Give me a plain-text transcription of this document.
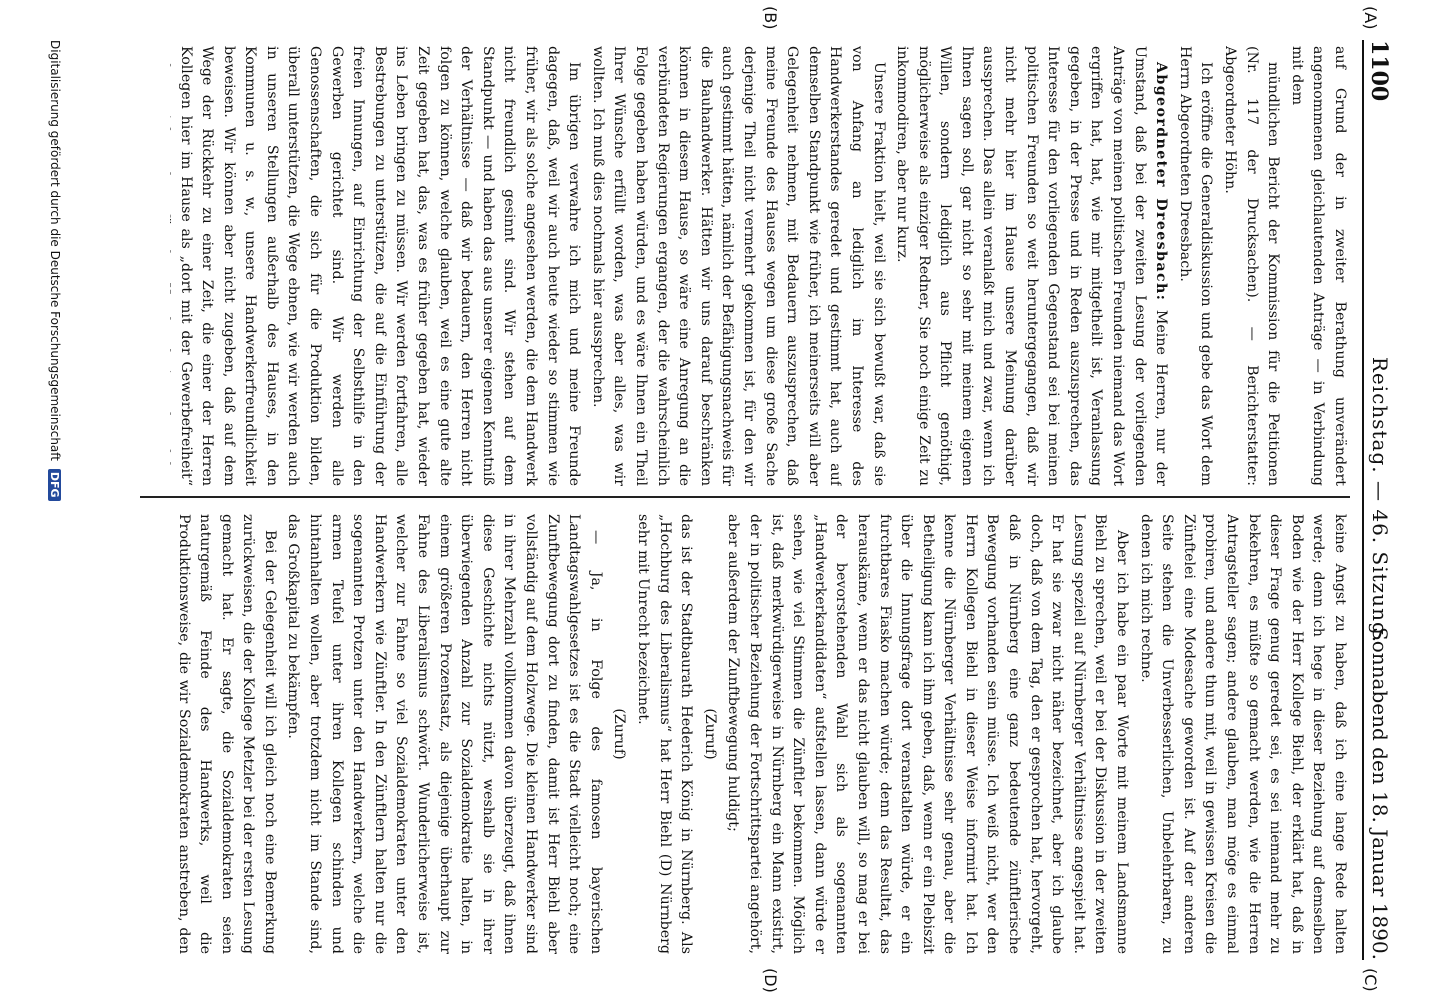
1100
Reichstag. — 46. Sitzung.
Sonnabend den 18. Januar 1890.
(A)
(B)
(C)
(D)

auf Grund der in zweiter Berathung unverändert angenommenen gleichlautenden Anträge — in Verbindung mit dem

mündlichen Bericht der Kommission für die Petitionen (Nr. 117 der Drucksachen). — Berichterstatter: Abgeordneter Höhn.

Ich eröffne die Generaldiskussion und gebe das Wort dem Herrn Abgeordneten Dreesbach.

Abgeordneter Dreesbach: Meine Herren, nur der Umstand, daß bei der zweiten Lesung der vorliegenden Anträge von meinen politischen Freunden niemand das Wort ergriffen hat, hat, wie mir mitgetheilt ist, Veranlassung gegeben, in der Presse und in Reden auszusprechen, das Interesse für den vorliegenden Gegenstand sei bei meinen politischen Freunden so weit heruntergegangen, daß wir nicht mehr hier im Hause unsere Meinung darüber aussprechen. Das allein veranlaßt mich und zwar, wenn ich Ihnen sagen soll, gar nicht so sehr mit meinem eigenen Willen, sondern lediglich aus Pflicht genöthigt, möglicherweise als einziger Redner, Sie noch einige Zeit zu inkommodiren, aber nur kurz.

Unsere Fraktion hielt, weil sie sich bewußt war, daß sie von Anfang an lediglich im Interesse des Handwerkerstandes geredet und gestimmt hat, auch auf demselben Standpunkt wie früher, ich meinerseits will aber Gelegenheit nehmen, mit Bedauern auszusprechen, daß meine Freunde des Hauses wegen um diese große Sache derjenige Theil nicht vermehrt gekommen ist, für den wir auch gestimmt hätten, nämlich der Befähigungsnachweis für die Bauhandwerker. Hätten wir uns darauf beschränken können in diesem Hause, so wäre eine Anregung an die verbündeten Regierungen ergangen, der die wahrscheinlich Folge gegeben haben würden, und es wäre Ihnen ein Theil Ihrer Wünsche erfüllt worden, was aber alles, was wir wollten. Ich muß dies nochmals hier aussprechen.

Im übrigen verwahre ich mich und meine Freunde dagegen, daß, weil wir auch heute wieder so stimmen wie früher, wir als solche angesehen werden, die dem Handwerk nicht freundlich gesinnt sind. Wir stehen auf dem Standpunkt — und haben das aus unserer eigenen Kenntniß der Verhältnisse — daß wir bedauern, den Herren nicht folgen zu können, welche glauben, weil es eine gute alte Zeit gegeben hat, das, was es früher gegeben hat, wieder ins Leben bringen zu müssen. Wir werden fortfahren, alle Bestrebungen zu unterstützen, die auf die Einführung der freien Innungen, auf Einrichtung der Selbsthilfe in den Gewerben gerichtet sind. Wir werden alle Genossenschaften, die sich für die Produktion bilden, überall unterstützen, die Wege ebnen, wie wir werden auch in unseren Stellungen außerhalb des Hauses, in den Kommunen u. s. w., unsere Handwerkerfreundlichkeit beweisen. Wir können aber nicht zugeben, daß auf dem Wege der Rückkehr zu einer Zeit, die einer der Herren Kollegen hier im Hause als „dort mit der Gewerbefreiheit“

keine Angst zu haben, daß ich eine lange Rede halten werde; denn ich hege in dieser Beziehung auf demselben Boden wie der Herr Kollege Biehl, der erklärt hat, daß in dieser Frage genug geredet sei, es sei niemand mehr zu bekehren, es müßte so gemacht werden, wie die Herren Antragsteller sagen; andere glauben, man möge es einmal probiren, und andere thun mit, weil in gewissen Kreisen die Zünftelei eine Modesache geworden ist. Auf der anderen Seite stehen die Unverbesserlichen, Unbelehrbaren, zu denen ich mich rechne.

Aber ich habe ein paar Worte mit meinem Landsmanne Biehl zu sprechen, weil er bei der Diskussion in der zweiten Lesung speziell auf Nürnberger Verhältnisse angespielt hat. Er hat sie zwar nicht näher bezeichnet, aber ich glaube doch, daß von dem Tag, den er gesprochen hat, hervorgeht, daß in Nürnberg eine ganz bedeutende zünftlerische Bewegung vorhanden sein müsse. Ich weiß nicht, wer den Herrn Kollegen Biehl in dieser Weise informirt hat. Ich kenne die Nürnberger Verhältnisse sehr genau, aber die Betheiligung kann ich ihm geben, daß, wenn er ein Plebiszit über die Innungsfrage dort veranstalten würde, er ein furchtbares Fiasko machen würde; denn das Resultat, das herauskäme, wenn er das nicht glauben will, so mag er bei der bevorstehenden Wahl sich als sogenannten „Handwerkerkandidaten“ aufstellen lassen, dann würde er sehen, wie viel Stimmen die Zünftler bekommen. Möglich ist, daß merkwürdigerweise in Nürnberg ein Mann existirt, der in politischer Beziehung der Fortschrittspartei angehört, aber außerdem der Zunftbewegung huldigt;

(Zuruf)

das ist der Stadtbaurath Hederich König in Nürnberg. Als „Hochburg des Liberalismus“ hat Herr Biehl (D) Nürnberg sehr mit Unrecht bezeichnet.

(Zuruf)

— Ja, in Folge des famosen bayerischen Landtagswahlgesetzes ist es die Stadt vielleicht noch; eine Zunftbewegung dort zu finden, damit ist Herr Biehl aber vollständig auf dem Holzwege. Die kleinen Handwerker sind in ihrer Mehrzahl vollkommen davon überzeugt, daß ihnen diese Geschichte nichts nützt, weshalb sie in ihrer überwiegenden Anzahl zur Sozialdemokratie halten, in einem größeren Prozentsatz, als diejenige überhaupt zur Fahne des Liberalismus schwört. Wunderlicherweise ist, welcher zur Fahne so viel Sozialdemokraten unter den Handwerkern wie Zünftler. In den Zünftlern halten nur die sogenannten Protzen unter den Handwerkern, welche die armen Teufel unter ihren Kollegen schinden und hintanhalten wollen, aber trotzdem nicht im Stande sind, das Großkapital zu bekämpfen.

Bei der Gelegenheit will ich gleich noch eine Bemerkung zurückweisen, die der Kollege Metzler bei der ersten Lesung gemacht hat. Er sagte, die Sozialdemokraten seien naturgemäß Feinde des Handwerks, weil die Produktionsweise, die wir Sozialdemokraten anstreben, den

Digitalisierung gefördert durch die Deutsche Forschungsgemeinschaft DFG
